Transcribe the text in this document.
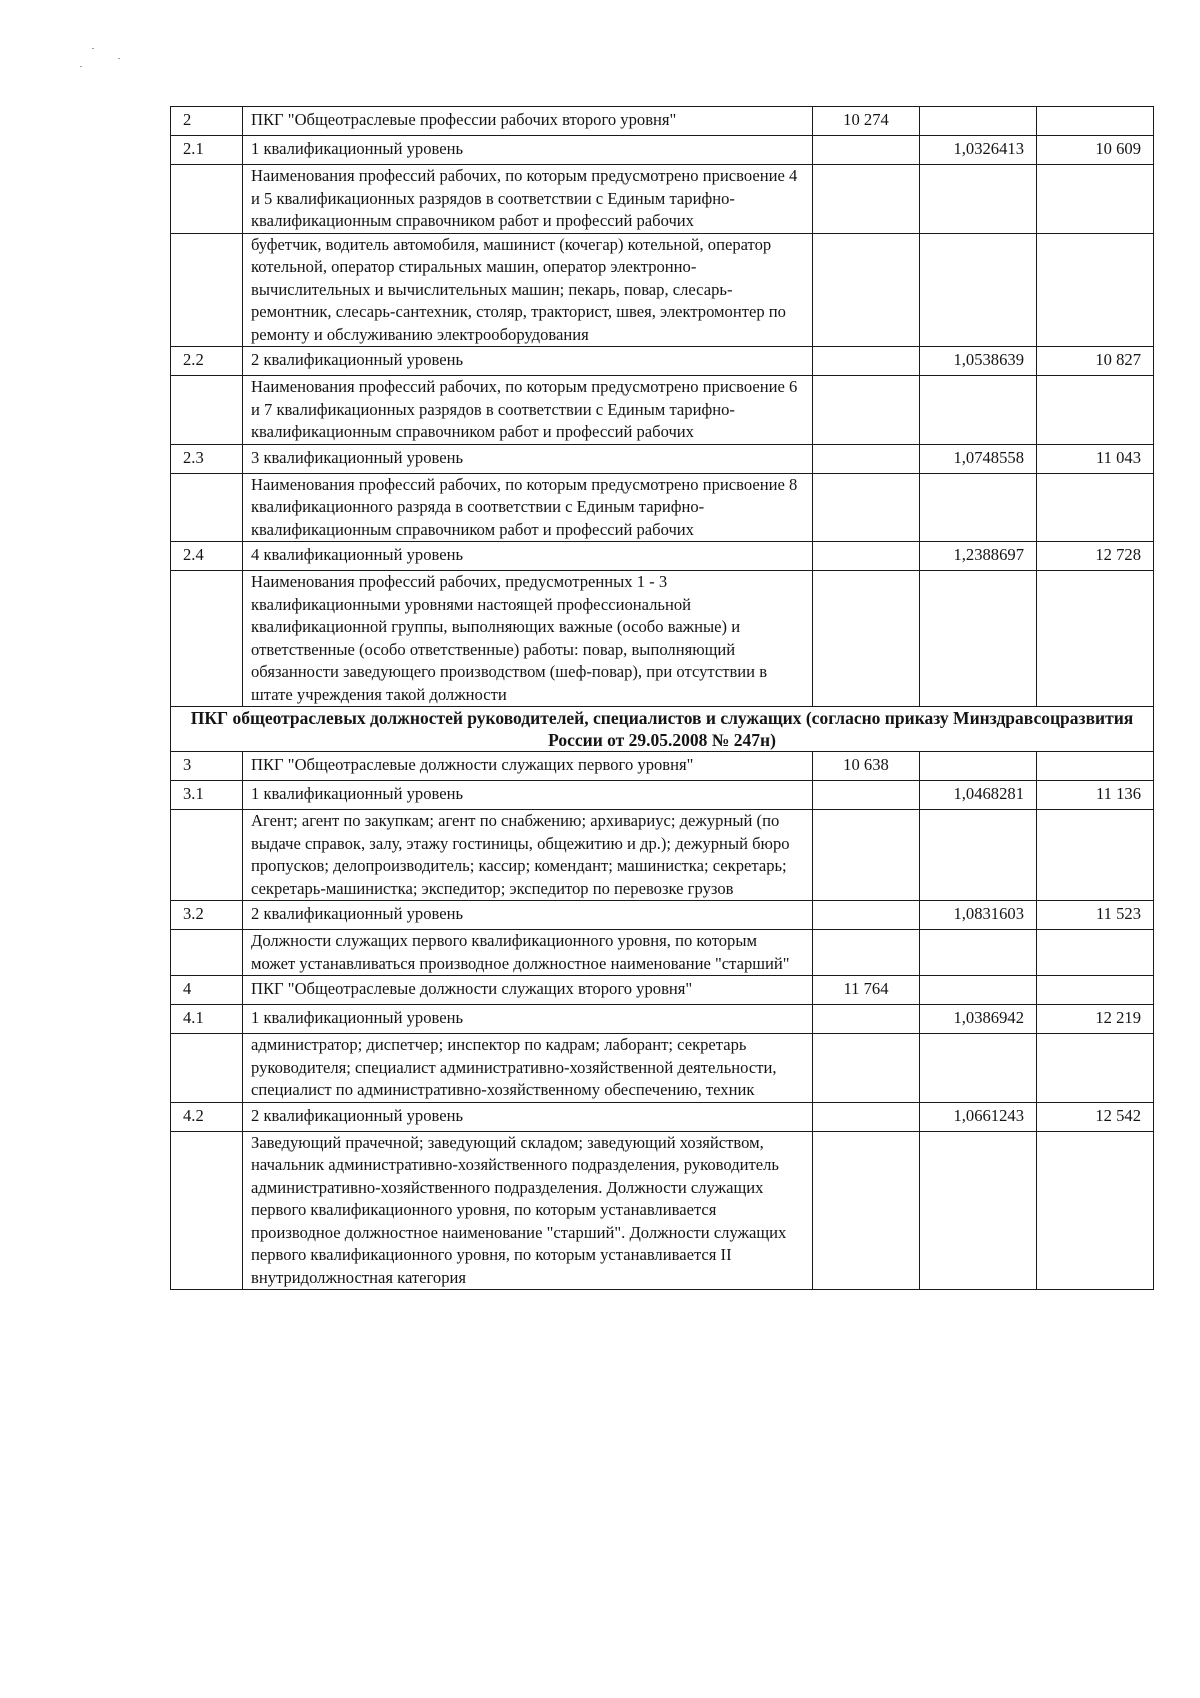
2	ПКГ "Общеотраслевые профессии рабочих второго уровня"	10 274		
2.1	1 квалификационный уровень		1,0326413	10 609
	Наименования профессий рабочих, по которым предусмотрено присвоение 4 и 5 квалификационных разрядов в соответствии с Единым тарифно-квалификационным справочником работ и профессий рабочих			
	буфетчик, водитель автомобиля, машинист (кочегар) котельной, оператор котельной, оператор стиральных машин, оператор электронно-вычислительных и вычислительных машин; пекарь, повар, слесарь-ремонтник, слесарь-сантехник, столяр, тракторист, швея, электромонтер по ремонту и обслуживанию электрооборудования			
2.2	2 квалификационный уровень		1,0538639	10 827
	Наименования профессий рабочих, по которым предусмотрено присвоение 6 и 7 квалификационных разрядов в соответствии с Единым тарифно-квалификационным справочником работ и профессий рабочих			
2.3	3 квалификационный уровень		1,0748558	11 043
	Наименования профессий рабочих, по которым предусмотрено присвоение 8 квалификационного разряда в соответствии с Единым тарифно-квалификационным справочником работ и профессий рабочих			
2.4	4 квалификационный уровень		1,2388697	12 728
	Наименования профессий рабочих, предусмотренных 1 - 3 квалификационными уровнями настоящей профессиональной квалификационной группы, выполняющих важные (особо важные) и ответственные (особо ответственные) работы: повар, выполняющий обязанности заведующего производством (шеф-повар), при отсутствии в штате учреждения такой должности			
ПКГ общеотраслевых должностей руководителей, специалистов и служащих (согласно приказу Минздравсоцразвития России от 29.05.2008 № 247н)				
3	ПКГ "Общеотраслевые должности служащих первого уровня"	10 638		
3.1	1 квалификационный уровень		1,0468281	11 136
	Агент; агент по закупкам; агент по снабжению; архивариус; дежурный (по выдаче справок, залу, этажу гостиницы, общежитию и др.); дежурный бюро пропусков; делопроизводитель; кассир; комендант; машинистка; секретарь; секретарь-машинистка; экспедитор; экспедитор по перевозке грузов			
3.2	2 квалификационный уровень		1,0831603	11 523
	Должности служащих первого квалификационного уровня, по которым может устанавливаться производное должностное наименование "старший"			
4	ПКГ "Общеотраслевые должности служащих второго уровня"	11 764		
4.1	1 квалификационный уровень		1,0386942	12 219
	администратор; диспетчер; инспектор по кадрам; лаборант; секретарь руководителя; специалист административно-хозяйственной деятельности, специалист по административно-хозяйственному обеспечению, техник			
4.2	2 квалификационный уровень		1,0661243	12 542
	Заведующий прачечной; заведующий складом; заведующий хозяйством, начальник административно-хозяйственного подразделения, руководитель административно-хозяйственного подразделения. Должности служащих первого квалификационного уровня, по которым устанавливается производное должностное наименование "старший". Должности служащих первого квалификационного уровня, по которым устанавливается II внутридолжностная категория			
